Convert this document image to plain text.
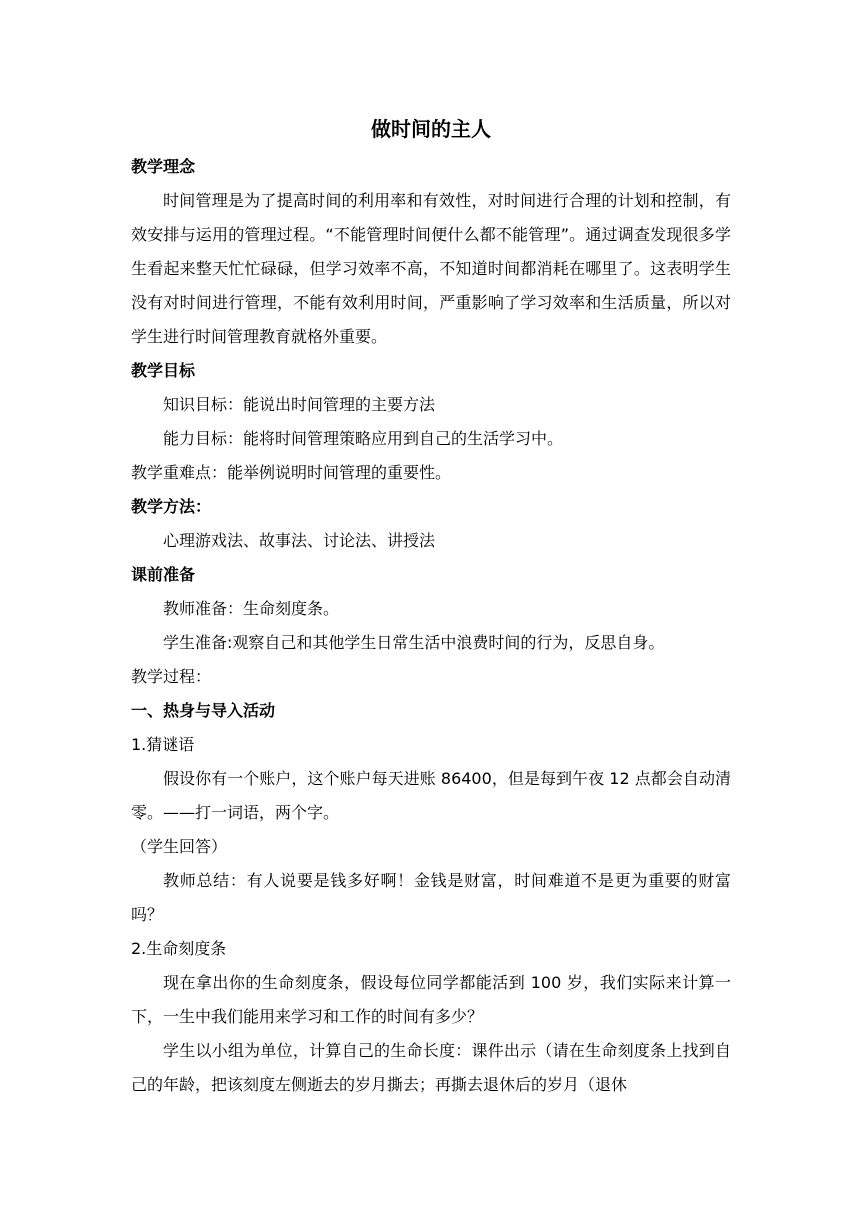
做时间的主人
教学理念

时间管理是为了提高时间的利用率和有效性，对时间进行合理的计划和控制，有效安排与运用的管理过程。“不能管理时间便什么都不能管理”。通过调查发现很多学生看起来整天忙忙碌碌，但学习效率不高，不知道时间都消耗在哪里了。这表明学生没有对时间进行管理，不能有效利用时间，严重影响了学习效率和生活质量，所以对学生进行时间管理教育就格外重要。

教学目标
知识目标：能说出时间管理的主要方法
能力目标：能将时间管理策略应用到自己的生活学习中。
教学重难点：能举例说明时间管理的重要性。
教学方法：
心理游戏法、故事法、讨论法、讲授法
课前准备
教师准备：生命刻度条。
学生准备:观察自己和其他学生日常生活中浪费时间的行为，反思自身。
教学过程：
一、热身与导入活动
1.猜谜语

假设你有一个账户，这个账户每天进账 86400，但是每到午夜 12 点都会自动清零。——打一词语，两个字。

（学生回答）

教师总结：有人说要是钱多好啊！金钱是财富，时间难道不是更为重要的财富吗？

2.生命刻度条

现在拿出你的生命刻度条，假设每位同学都能活到 100 岁，我们实际来计算一下，一生中我们能用来学习和工作的时间有多少？

学生以小组为单位，计算自己的生命长度：课件出示（请在生命刻度条上找到自己的年龄，把该刻度左侧逝去的岁月撕去；再撕去退休后的岁月（退休
